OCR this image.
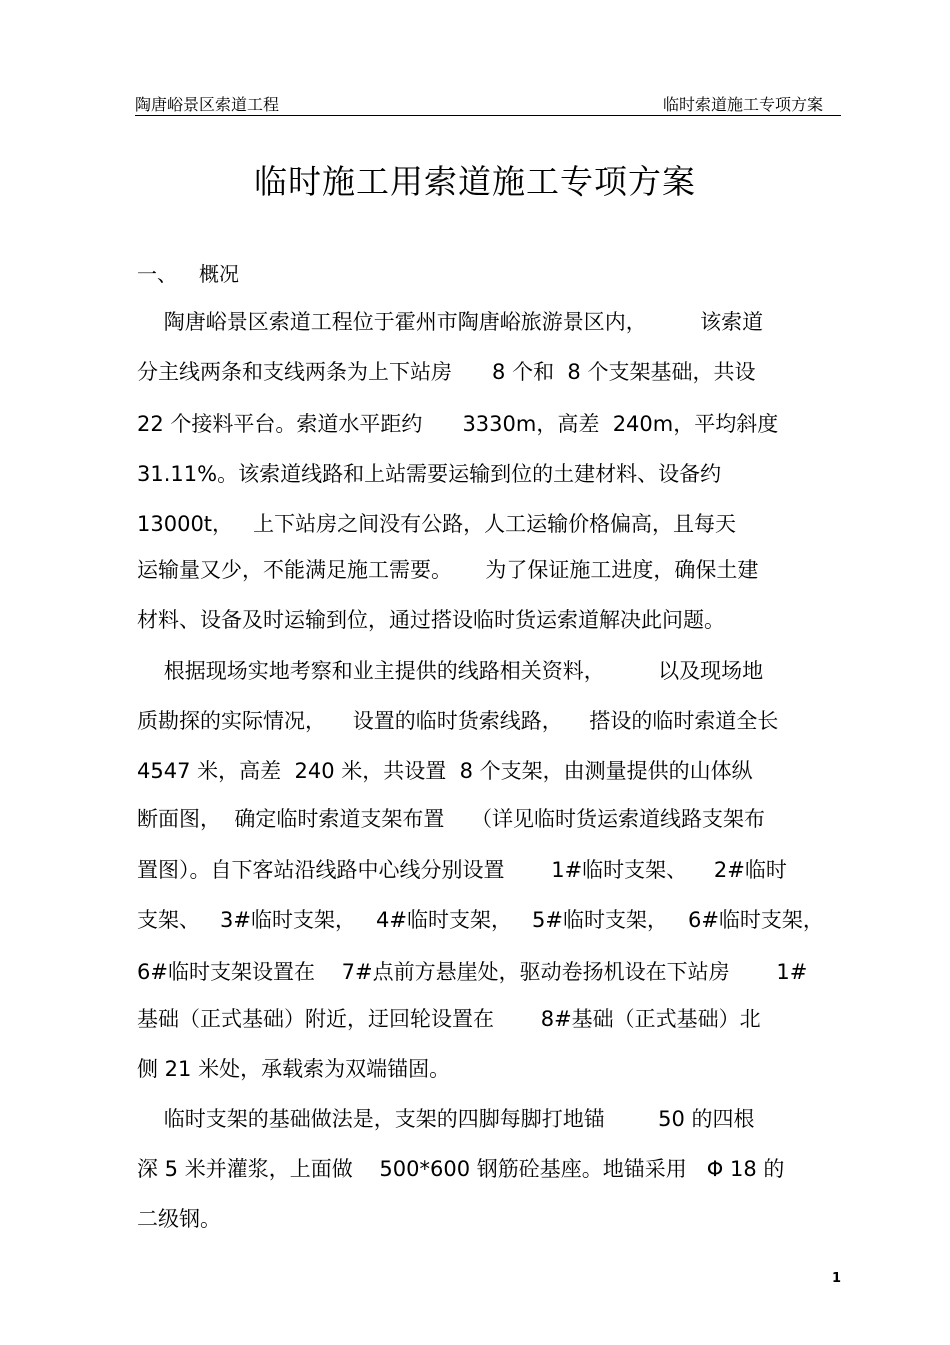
陶唐峪景区索道工程	临时索道施工专项方案
临时施工用索道施工专项方案
一、 概况
陶唐峪景区索道工程位于霍州市陶唐峪旅游景区内，        该索道
分主线两条和支线两条为上下站房      8 个和  8 个支架基础，共设
22 个接料平台。索道水平距约      3330m，高差  240m，平均斜度
31.11%。该索道线路和上站需要运输到位的土建材料、设备约
13000t，   上下站房之间没有公路，人工运输价格偏高，且每天
运输量又少，不能满足施工需要。     为了保证施工进度，确保土建
材料、设备及时运输到位，通过搭设临时货运索道解决此问题。
根据现场实地考察和业主提供的线路相关资料，        以及现场地
质勘探的实际情况，    设置的临时货索线路，    搭设的临时索道全长
4547 米，高差  240 米，共设置  8 个支架，由测量提供的山体纵
断面图，  确定临时索道支架布置    （详见临时货运索道线路支架布
置图）。自下客站沿线路中心线分别设置       1#临时支架、    2#临时
支架、   3#临时支架，   4#临时支架，   5#临时支架，   6#临时支架，
6#临时支架设置在    7#点前方悬崖处，驱动卷扬机设在下站房       1#
基础（正式基础）附近，迂回轮设置在       8#基础（正式基础）北
侧 21 米处，承载索为双端锚固。
临时支架的基础做法是，支架的四脚每脚打地锚        50 的四根
深 5 米并灌浆，上面做    500*600 钢筋砼基座。地锚采用   Φ 18 的
二级钢。
1
